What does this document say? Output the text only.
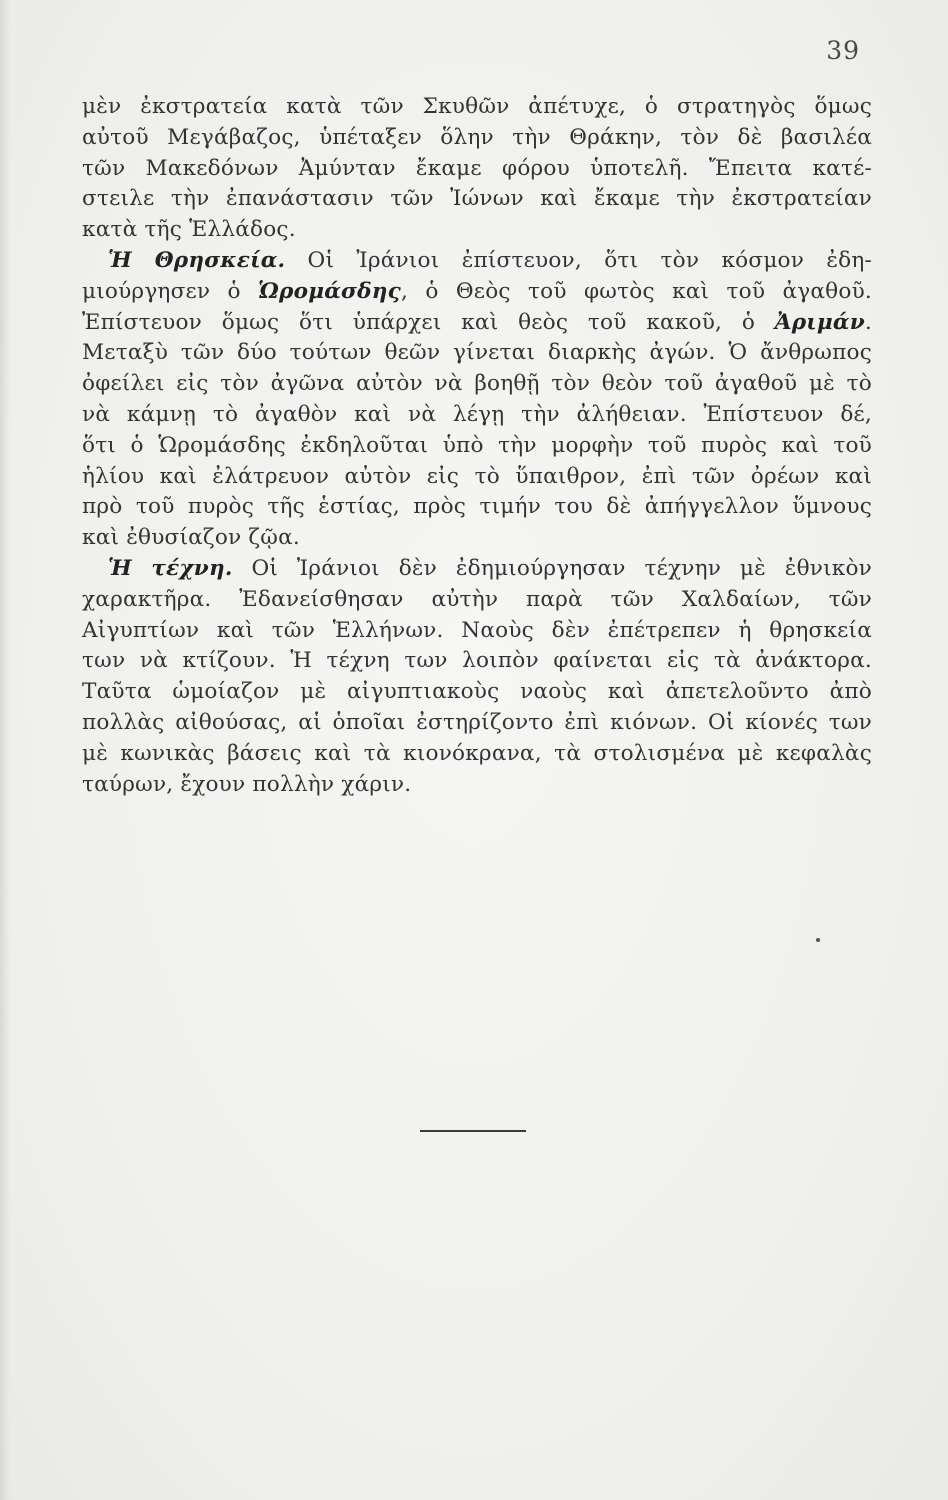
39
μὲν ἐκστρατεία κατὰ τῶν Σκυθῶν ἀπέτυχε, ὁ στρατηγὸς ὅμως
αὐτοῦ Μεγάβαζος, ὑπέταξεν ὅλην τὴν Θράκην, τὸν δὲ βασιλέα
τῶν Μακεδόνων Ἀμύνταν ἔκαμε φόρου ὑποτελῆ. Ἔπειτα κατέ-
στειλε τὴν ἐπανάστασιν τῶν Ἰώνων καὶ ἔκαμε τὴν ἐκστρατείαν
κατὰ τῆς Ἑλλάδος.
Ἡ Θρησκεία. Οἱ Ἰράνιοι ἐπίστευον, ὅτι τὸν κόσμον ἐδη-
μιούργησεν ὁ Ὡρομάσδης, ὁ Θεὸς τοῦ φωτὸς καὶ τοῦ ἀγαθοῦ.
Ἐπίστευον ὅμως ὅτι ὑπάρχει καὶ θεὸς τοῦ κακοῦ, ὁ Ἀριμάν.
Μεταξὺ τῶν δύο τούτων θεῶν γίνεται διαρκὴς ἀγών. Ὁ ἄνθρωπος
ὀφείλει εἰς τὸν ἀγῶνα αὐτὸν νὰ βοηθῇ τὸν θεὸν τοῦ ἀγαθοῦ μὲ τὸ
νὰ κάμνῃ τὸ ἀγαθὸν καὶ νὰ λέγῃ τὴν ἀλήθειαν. Ἐπίστευον δέ,
ὅτι ὁ Ὡρομάσδης ἐκδηλοῦται ὑπὸ τὴν μορφὴν τοῦ πυρὸς καὶ τοῦ
ἡλίου καὶ ἐλάτρευον αὐτὸν εἰς τὸ ὕπαιθρον, ἐπὶ τῶν ὀρέων καὶ
πρὸ τοῦ πυρὸς τῆς ἑστίας, πρὸς τιμήν του δὲ ἀπήγγελλον ὕμνους
καὶ ἐθυσίαζον ζῷα.
Ἡ τέχνη. Οἱ Ἰράνιοι δὲν ἐδημιούργησαν τέχνην μὲ ἐθνικὸν
χαρακτῆρα. Ἐδανείσθησαν αὐτὴν παρὰ τῶν Χαλδαίων, τῶν
Αἰγυπτίων καὶ τῶν Ἑλλήνων. Ναοὺς δὲν ἐπέτρεπεν ἡ θρησκεία
των νὰ κτίζουν. Ἡ τέχνη των λοιπὸν φαίνεται εἰς τὰ ἀνάκτορα.
Ταῦτα ὡμοίαζον μὲ αἰγυπτιακοὺς ναοὺς καὶ ἀπετελοῦντο ἀπὸ
πολλὰς αἰθούσας, αἱ ὁποῖαι ἐστηρίζοντο ἐπὶ κιόνων. Οἱ κίονές των
μὲ κωνικὰς βάσεις καὶ τὰ κιονόκρανα, τὰ στολισμένα μὲ κεφαλὰς
ταύρων, ἔχουν πολλὴν χάριν.
